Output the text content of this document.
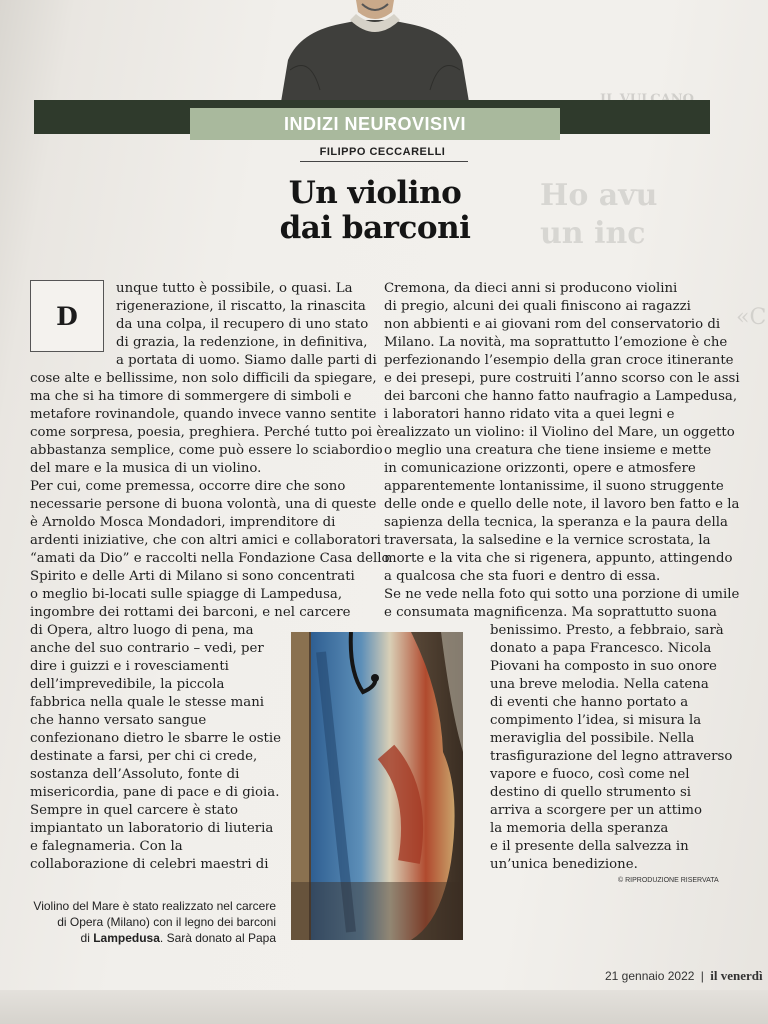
Ho avu
un inc
«C
INDIZI NEUROVISIVI
FILIPPO CECCARELLI
Un violino
dai barconi
D
unque tutto è possibile, o quasi. La
rigenerazione, il riscatto, la rinascita
da una colpa, il recupero di uno stato
di grazia, la redenzione, in definitiva,
a portata di uomo. Siamo dalle parti di
cose alte e bellissime, non solo difficili da spiegare,
ma che si ha timore di sommergere di simboli e
metafore rovinandole, quando invece vanno sentite
come sorpresa, poesia, preghiera. Perché tutto poi è
abbastanza semplice, come può essere lo sciabordio
del mare e la musica di un violino.
Per cui, come premessa, occorre dire che sono
necessarie persone di buona volontà, una di queste
è Arnoldo Mosca Mondadori, imprenditore di
ardenti iniziative, che con altri amici e collaboratori
“amati da Dio” e raccolti nella Fondazione Casa dello
Spirito e delle Arti di Milano si sono concentrati
o meglio bi-locati sulle spiagge di Lampedusa,
ingombre dei rottami dei barconi, e nel carcere
di Opera, altro luogo di pena, ma
anche del suo contrario – vedi, per
dire i guizzi e i rovesciamenti
dell’imprevedibile, la piccola
fabbrica nella quale le stesse mani
che hanno versato sangue
confezionano dietro le sbarre le ostie
destinate a farsi, per chi ci crede,
sostanza dell’Assoluto, fonte di
misericordia, pane di pace e di gioia.
Sempre in quel carcere è stato
impiantato un laboratorio di liuteria
e falegnameria. Con la
collaborazione di celebri maestri di
Cremona, da dieci anni si producono violini
di pregio, alcuni dei quali finiscono ai ragazzi
non abbienti e ai giovani rom del conservatorio di
Milano. La novità, ma soprattutto l’emozione è che
perfezionando l’esempio della gran croce itinerante
e dei presepi, pure costruiti l’anno scorso con le assi
dei barconi che hanno fatto naufragio a Lampedusa,
i laboratori hanno ridato vita a quei legni e
realizzato un violino: il Violino del Mare, un oggetto
o meglio una creatura che tiene insieme e mette
in comunicazione orizzonti, opere e atmosfere
apparentemente lontanissime, il suono struggente
delle onde e quello delle note, il lavoro ben fatto e la
sapienza della tecnica, la speranza e la paura della
traversata, la salsedine e la vernice scrostata, la
morte e la vita che si rigenera, appunto, attingendo
a qualcosa che sta fuori e dentro di essa.
Se ne vede nella foto qui sotto una porzione di umile
e consumata magnificenza. Ma soprattutto suona
benissimo. Presto, a febbraio, sarà
donato a papa Francesco. Nicola
Piovani ha composto in suo onore
una breve melodia. Nella catena
di eventi che hanno portato a
compimento l’idea, si misura la
meraviglia del possibile. Nella
trasfigurazione del legno attraverso
vapore e fuoco, così come nel
destino di quello strumento si
arriva a scorgere per un attimo
la memoria della speranza
e il presente della salvezza in
un’unica benedizione.
© RIPRODUZIONE RISERVATA
Violino del Mare è stato realizzato nel carcere
di Opera (Milano) con il legno dei barconi
di Lampedusa. Sarà donato al Papa
21 gennaio 2022 | il venerdì
